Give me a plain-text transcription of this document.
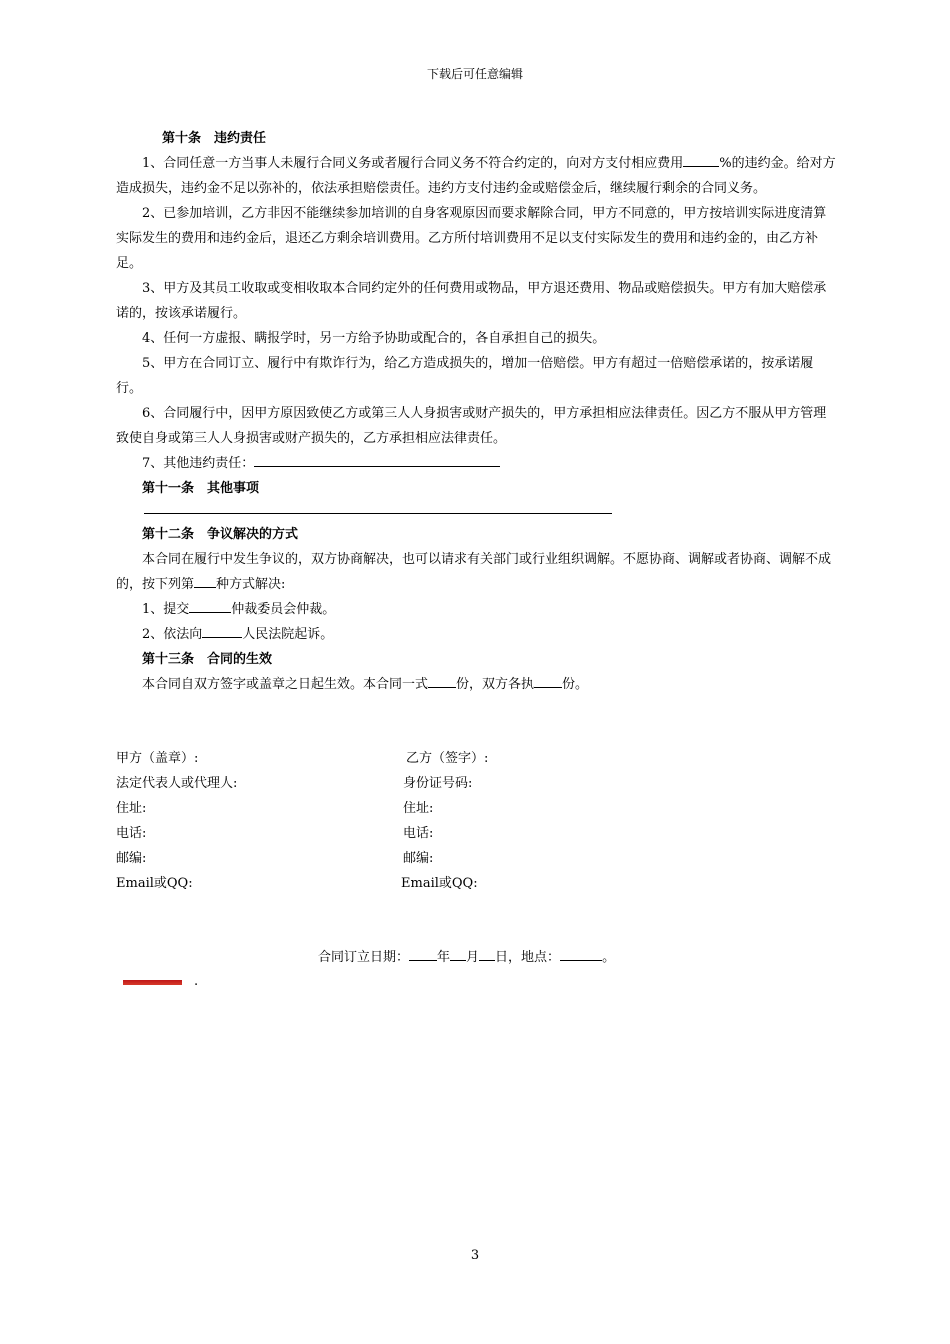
下载后可任意编辑

第十条　违约责任

1、合同任意一方当事人未履行合同义务或者履行合同义务不符合约定的，向对方支付相应费用	%的违约金。给对方造成损失，违约金不足以弥补的，依法承担赔偿责任。违约方支付违约金或赔偿金后，继续履行剩余的合同义务。

2、已参加培训，乙方非因不能继续参加培训的自身客观原因而要求解除合同，甲方不同意的，甲方按培训实际进度清算实际发生的费用和违约金后，退还乙方剩余培训费用。乙方所付培训费用不足以支付实际发生的费用和违约金的，由乙方补足。

3、甲方及其员工收取或变相收取本合同约定外的任何费用或物品，甲方退还费用、物品或赔偿损失。甲方有加大赔偿承诺的，按该承诺履行。

4、任何一方虚报、瞒报学时，另一方给予协助或配合的，各自承担自己的损失。

5、甲方在合同订立、履行中有欺诈行为，给乙方造成损失的，增加一倍赔偿。甲方有超过一倍赔偿承诺的，按承诺履行。

6、合同履行中，因甲方原因致使乙方或第三人人身损害或财产损失的，甲方承担相应法律责任。因乙方不服从甲方管理致使自身或第三人人身损害或财产损失的，乙方承担相应法律责任。

7、其他违约责任：

第十一条　其他事项

第十二条　争议解决的方式

本合同在履行中发生争议的，双方协商解决，也可以请求有关部门或行业组织调解。不愿协商、调解或者协商、调解不成的，按下列第 种方式解决:

1、提交	仲裁委员会仲裁。

2、依法向	人民法院起诉。

第十三条　合同的生效

本合同自双方签字或盖章之日起生效。本合同一式 份，双方各执 份。

甲方（盖章）:	乙方（签字）:
法定代表人或代理人:	身份证号码:
住址:	住址:
电话:	电话:
邮编:	邮编:
Email或QQ:	Email或QQ:
合同订立日期： 年 月 日，地点：	。
.
3
